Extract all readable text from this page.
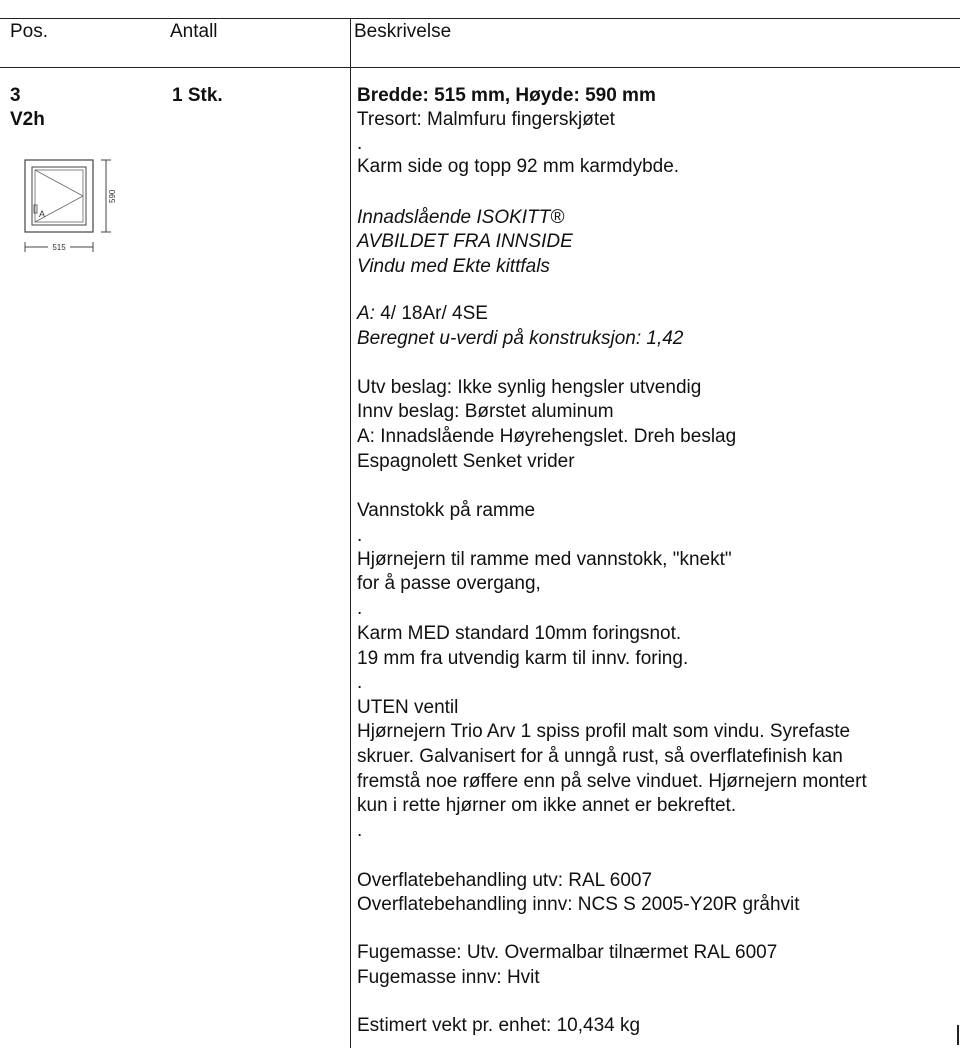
Pos.	Antall	Beskrivelse
3
V2h
1 Stk.
A
590
515
Bredde: 515 mm, Høyde: 590 mm
Tresort: Malmfuru fingerskjøtet
.
Karm side og topp 92 mm karmdybde.
Innadslående ISOKITT®
AVBILDET FRA INNSIDE
Vindu med Ekte kittfals
A: 4/ 18Ar/ 4SE
Beregnet u-verdi på konstruksjon: 1,42
Utv beslag: Ikke synlig hengsler utvendig
Innv beslag: Børstet aluminum
A: Innadslående Høyrehengslet. Dreh beslag
Espagnolett Senket vrider
Vannstokk på ramme
.
Hjørnejern til ramme med vannstokk, "knekt"
for å passe overgang,
.
Karm MED standard 10mm foringsnot.
19 mm fra utvendig karm til innv. foring.
.
UTEN ventil
Hjørnejern Trio Arv 1 spiss profil malt som vindu. Syrefaste
skruer. Galvanisert for å unngå rust, så overflatefinish kan
fremstå noe røffere enn på selve vinduet. Hjørnejern montert
kun i rette hjørner om ikke annet er bekreftet.
.
Overflatebehandling utv: RAL 6007
Overflatebehandling innv: NCS S 2005-Y20R gråhvit
Fugemasse: Utv. Overmalbar tilnærmet RAL 6007
Fugemasse innv: Hvit
Estimert vekt pr. enhet: 10,434 kg
